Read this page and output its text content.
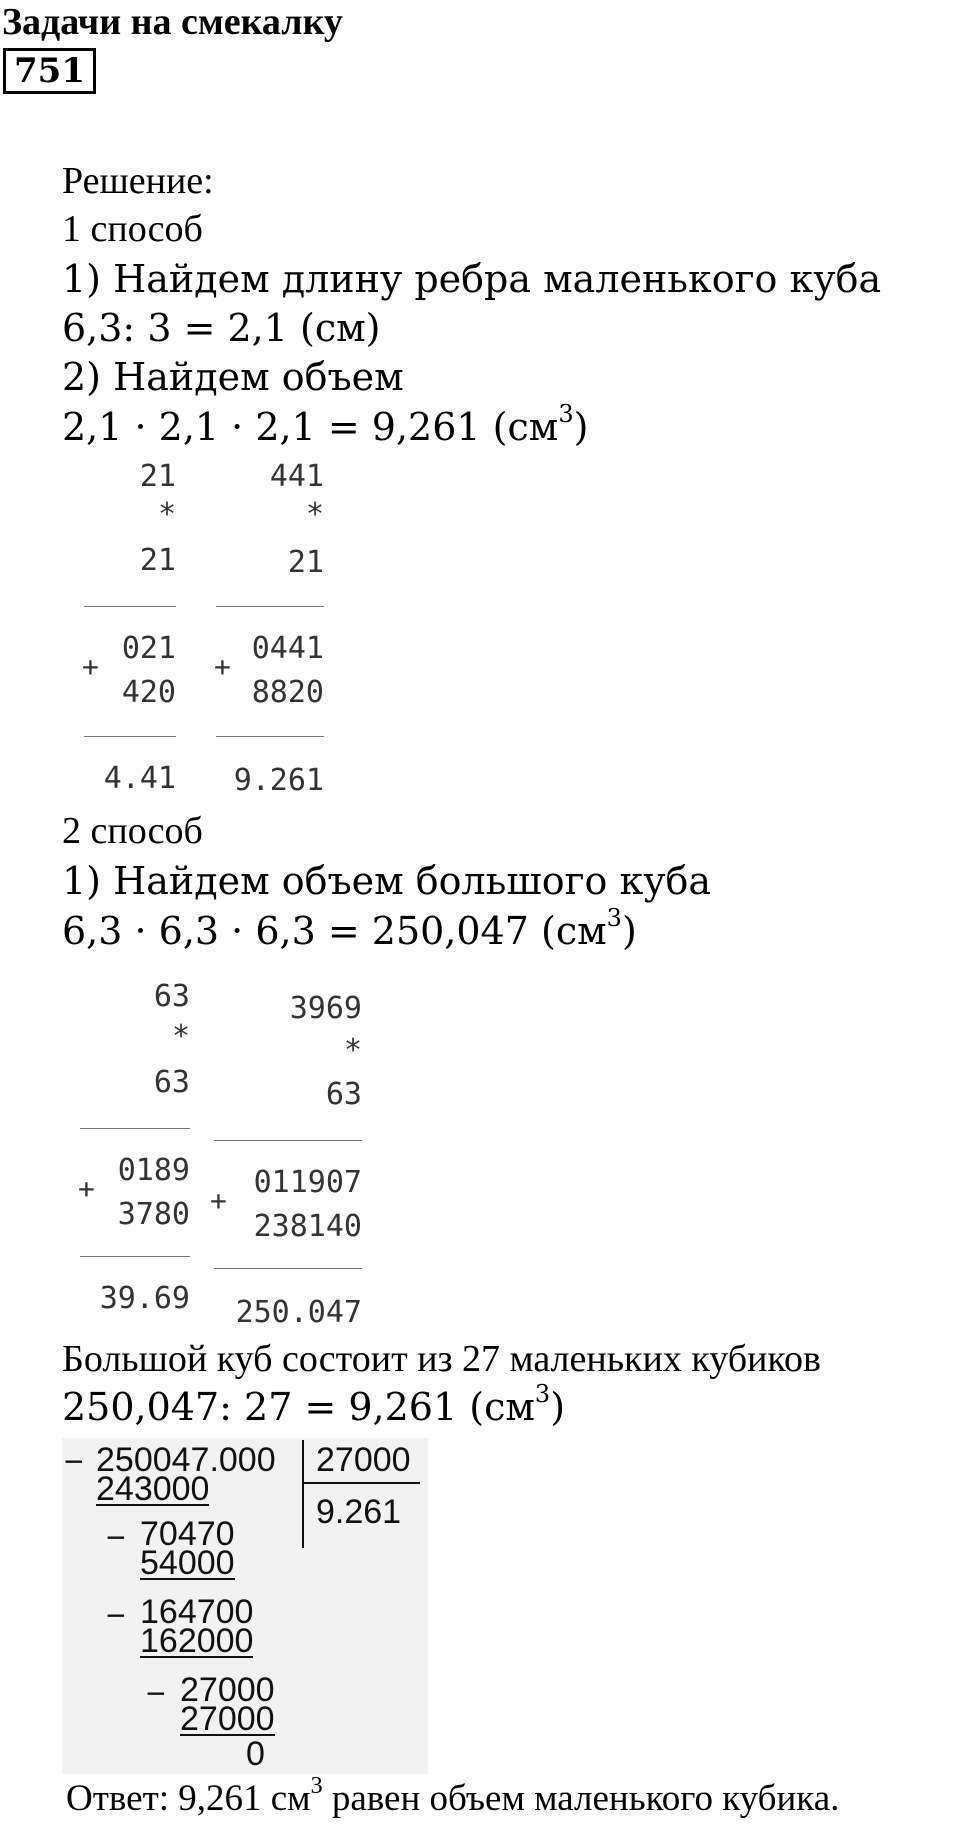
Задачи на смекалку
751
Решение:
1 способ
1) Найдем длину ребра маленького куба
6,3: 3 = 2,1 (см)
2) Найдем объем
2,1 · 2,1 · 2,1 = 9,261 $(см^3)$
21
*
21
021
+
420
4.41
441
*
21
0441
+
8820
9.261
2 способ
1) Найдем объем большого куба
6,3 · 6,3 · 6,3 = 250,047 $(см^3)$
63
*
63
0189
+
3780
39.69
3969
*
63
011907
+
238140
250.047
Большой куб состоит из 27 маленьких кубиков
250,047: 27 = 9,261 $(см^3)$
− 250047.000 27000
9.261
243000
− 70470
54000
− 164700
162000
− 27000
27000
0
Ответ: 9,261 $см^3$ равен объем маленького кубика.
